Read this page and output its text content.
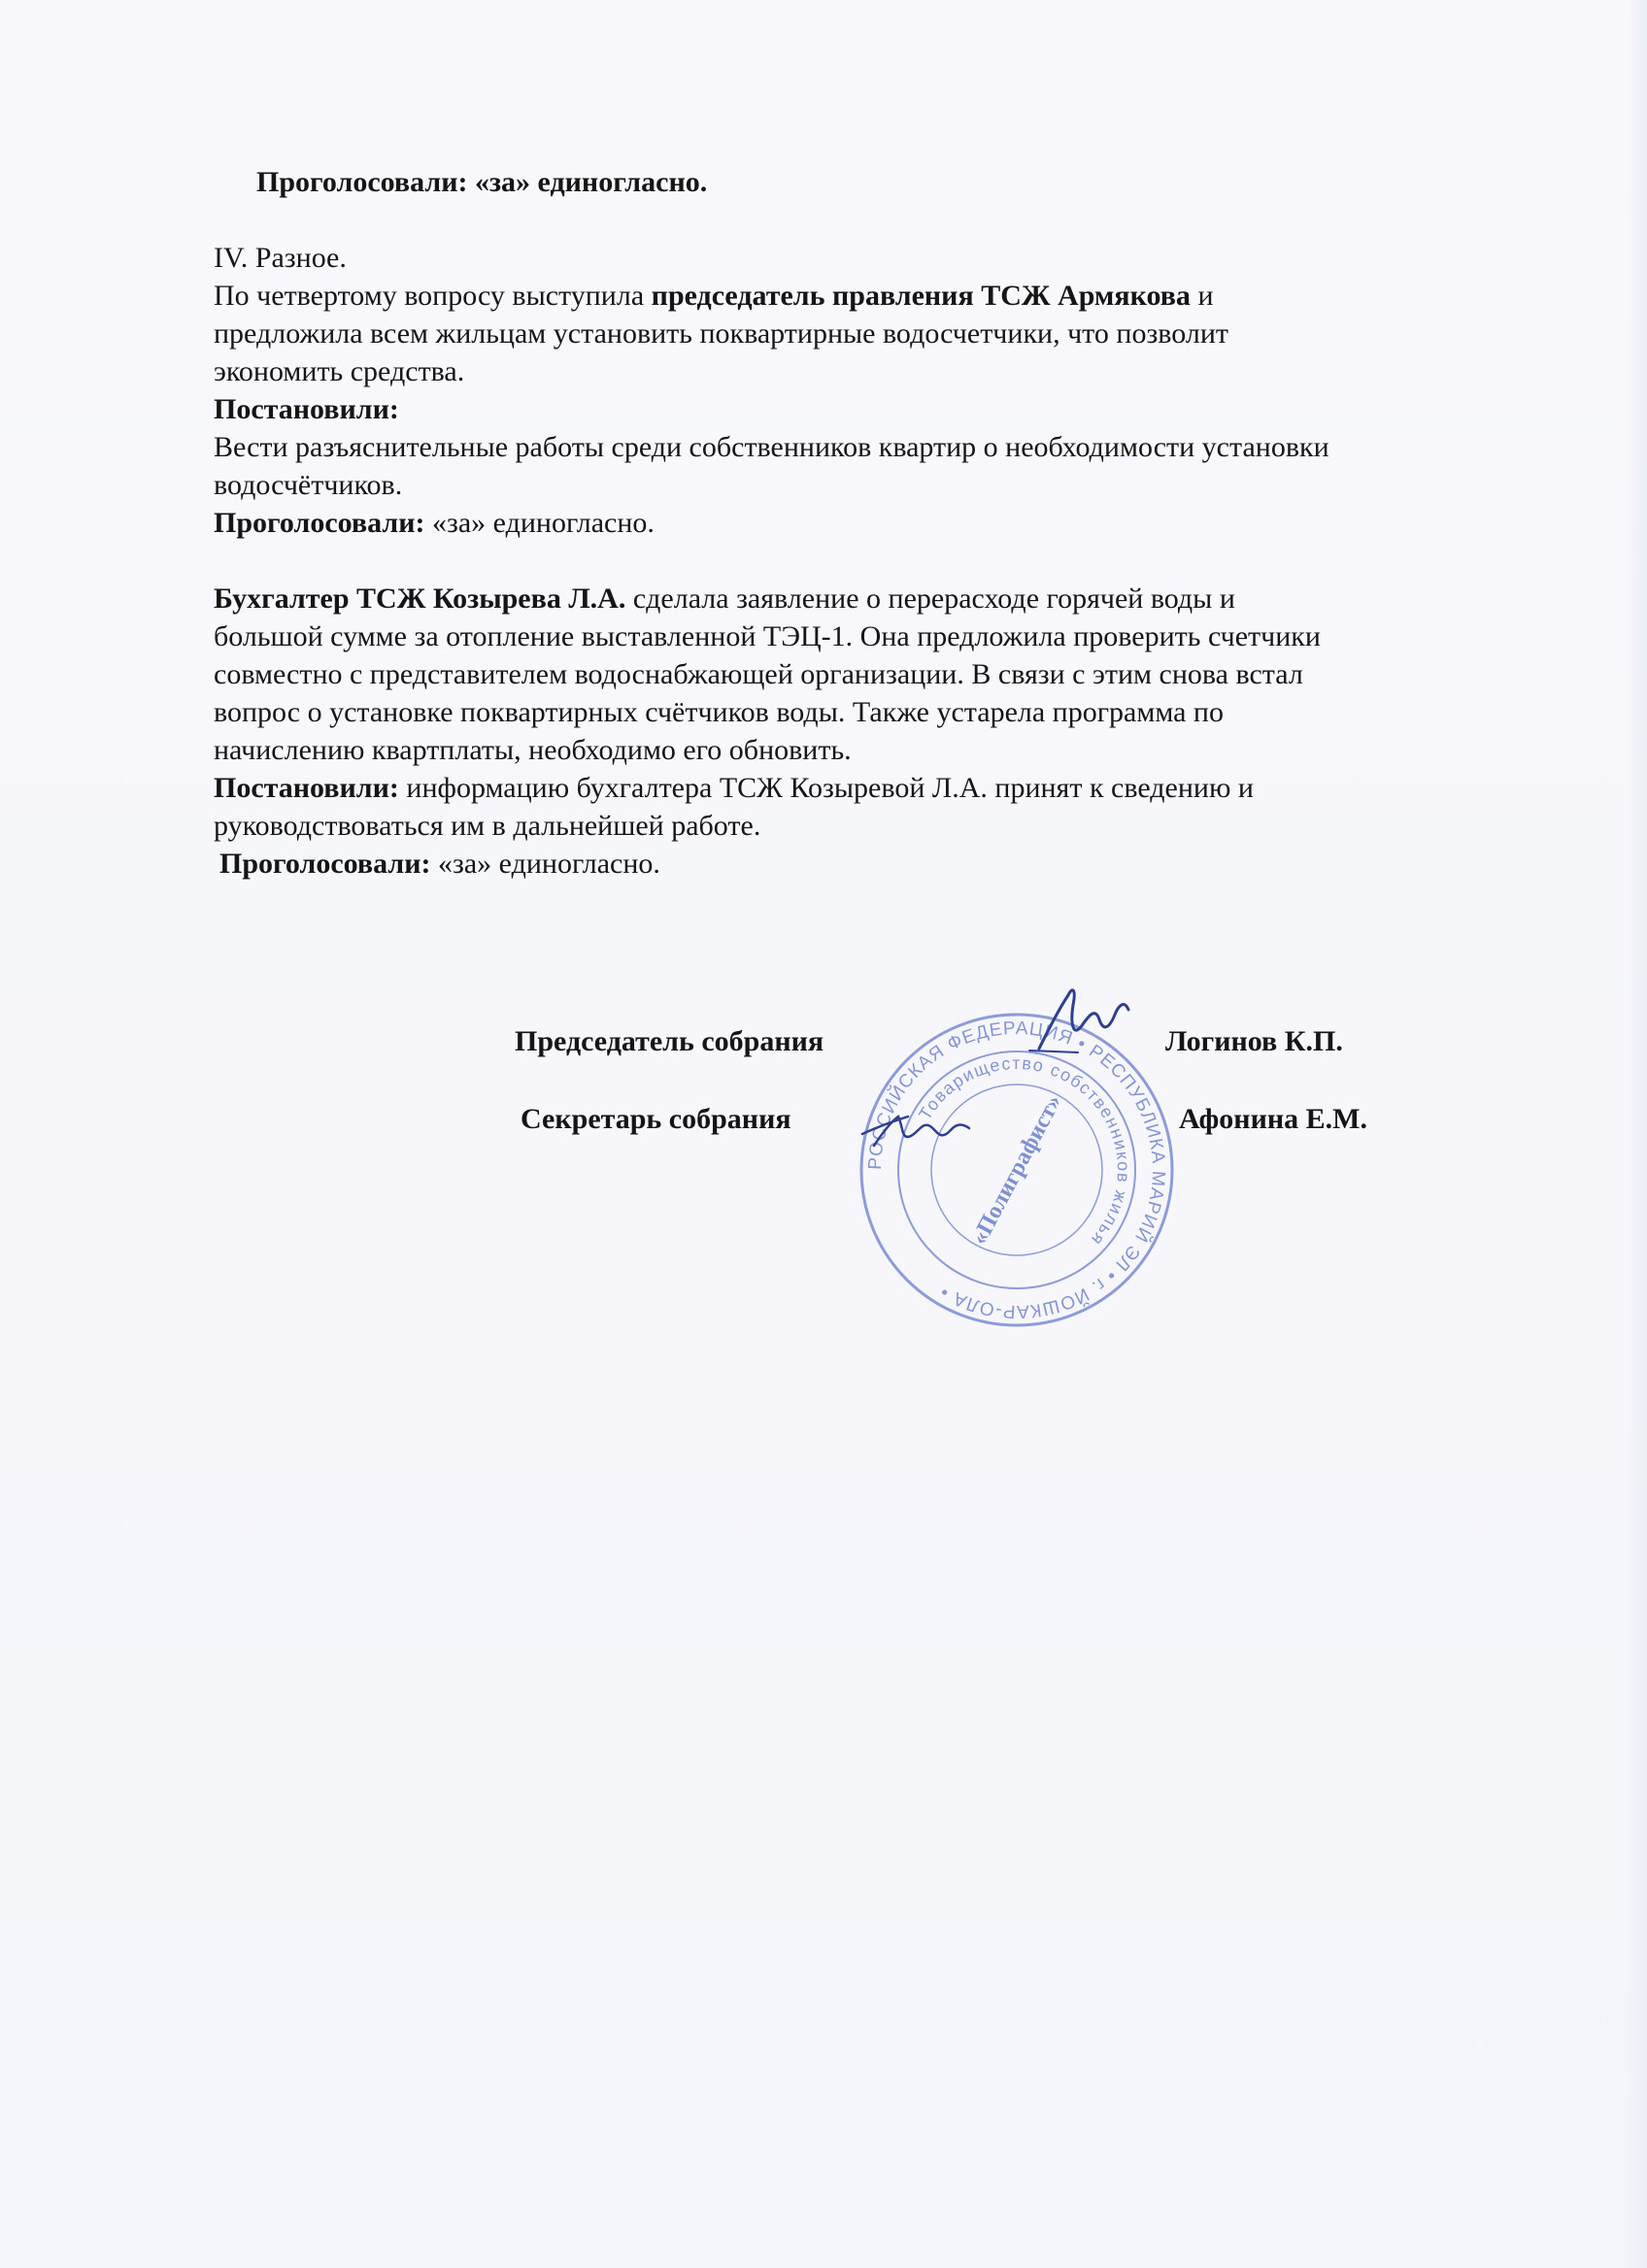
Проголосовали: «за» единогласно.
IV. Разное.
По четвертому вопросу выступила председатель правления ТСЖ Армякова и
предложила всем жильцам установить поквартирные водосчетчики, что позволит
экономить средства.
Постановили:
Вести разъяснительные работы среди собственников квартир о необходимости установки
водосчётчиков.
Проголосовали: «за» единогласно.
Бухгалтер ТСЖ Козырева Л.А. сделала заявление о перерасходе горячей воды и
большой сумме за отопление выставленной ТЭЦ-1. Она предложила проверить счетчики
совместно с представителем водоснабжающей организации. В связи с этим снова встал
вопрос о установке поквартирных счётчиков воды. Также устарела программа по
начислению квартплаты, необходимо его обновить.
Постановили: информацию бухгалтера ТСЖ Козыревой Л.А. принят к сведению и
руководствоваться им в дальнейшей работе.
Проголосовали: «за» единогласно.
РОССИЙСКАЯ ФЕДЕРАЦИЯ • РЕСПУБЛИКА МАРИЙ ЭЛ • г. ЙОШКАР-ОЛА •
Товарищество собственников жилья
«Полиграфист»
Председатель собрания	Логинов К.П.
Секретарь собрания	Афонина Е.М.
